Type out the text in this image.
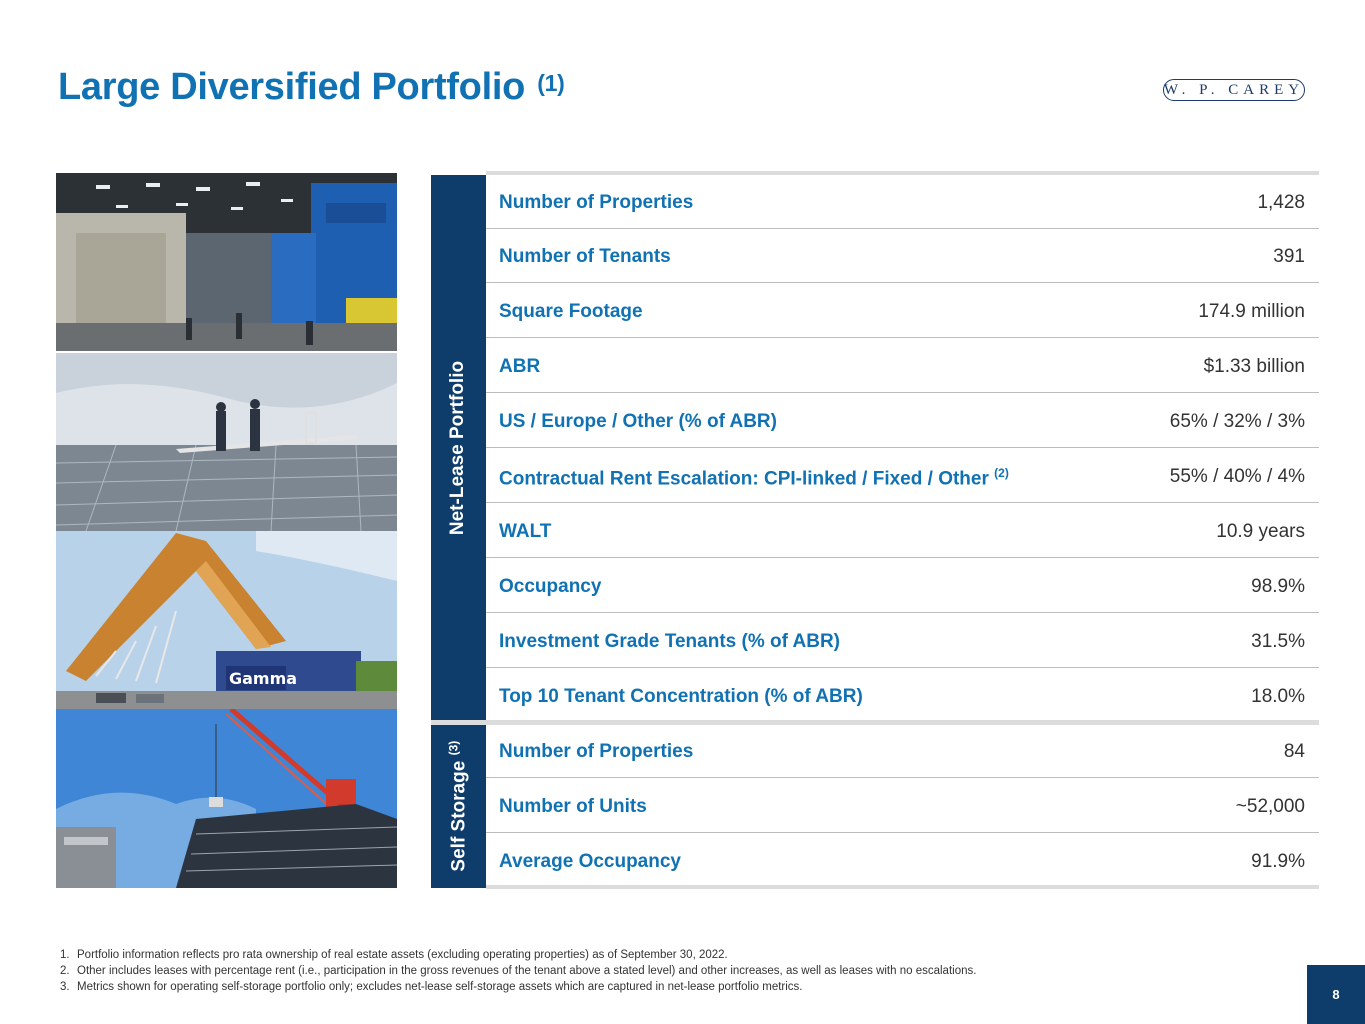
Large Diversified Portfolio $^{(1)}$	W. P. CAREY
Gamma
Net-Lease Portfolio
Number of Properties	1,428
Number of Tenants	391
Square Footage	174.9 million
ABR	$1.33 billion
US / Europe / Other (% of ABR)	65% / 32% / 3%
Contractual Rent Escalation: CPI-linked / Fixed / Other $^{(2)}$	55% / 40% / 4%
WALT	10.9 years
Occupancy	98.9%
Investment Grade Tenants (% of ABR)	31.5%
Top 10 Tenant Concentration (% of ABR)	18.0%
Self Storage $^{(3)}$	Number of Properties	84
Number of Units	~52,000
Average Occupancy	91.9%
1. Portfolio information reflects pro rata ownership of real estate assets (excluding operating properties) as of September 30, 2022.
2. Other includes leases with percentage rent (i.e., participation in the gross revenues of the tenant above a stated level) and other increases, as well as leases with no escalations.
3. Metrics shown for operating self-storage portfolio only; excludes net-lease self-storage assets which are captured in net-lease portfolio metrics.	8
